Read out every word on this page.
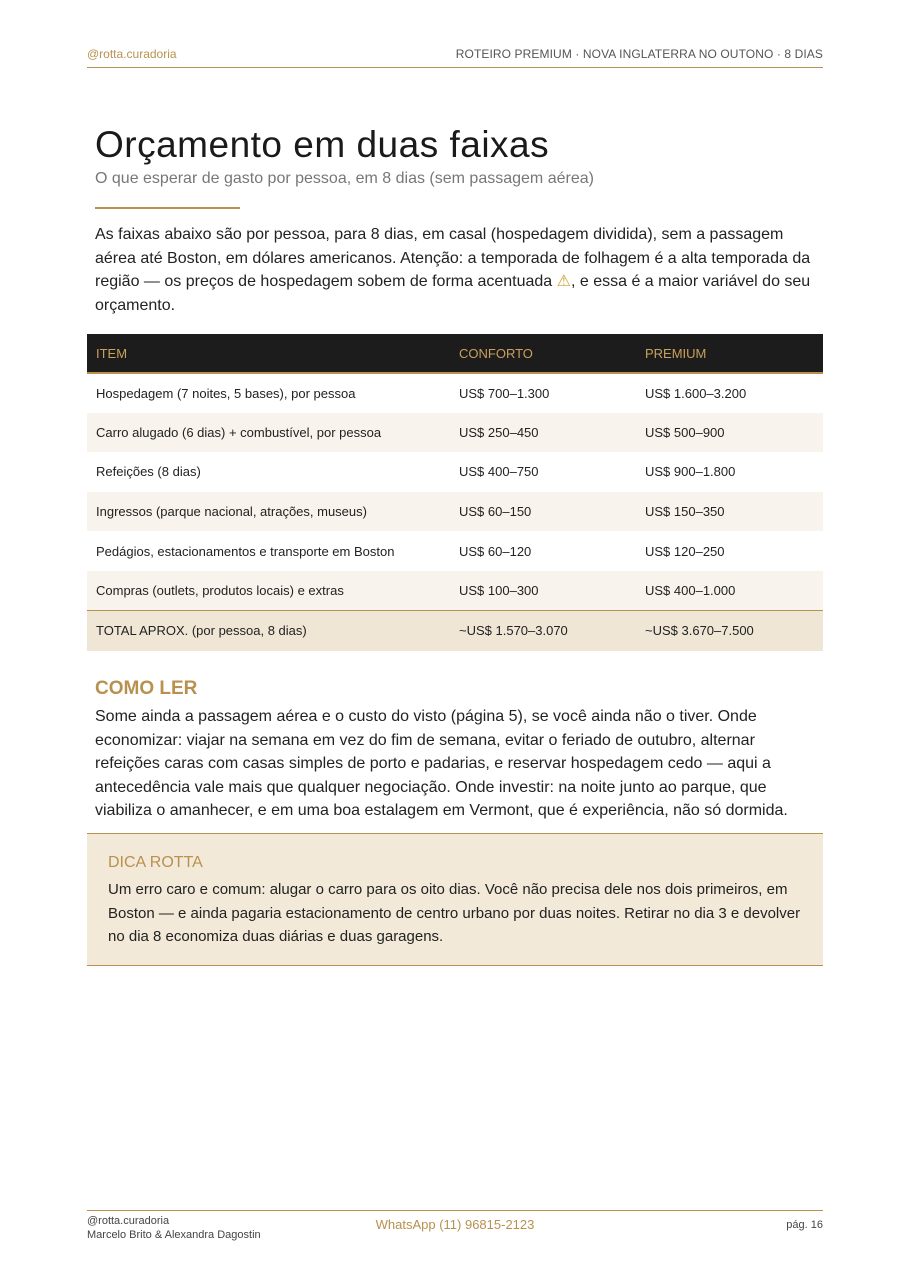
@rotta.curadoria	ROTEIRO PREMIUM · NOVA INGLATERRA NO OUTONO · 8 DIAS
Orçamento em duas faixas
O que esperar de gasto por pessoa, em 8 dias (sem passagem aérea)

As faixas abaixo são por pessoa, para 8 dias, em casal (hospedagem dividida), sem a passagem aérea até Boston, em dólares americanos. Atenção: a temporada de folhagem é a alta temporada da região — os preços de hospedagem sobem de forma acentuada ⚠, e essa é a maior variável do seu orçamento.

ITEM	CONFORTO	PREMIUM
Hospedagem (7 noites, 5 bases), por pessoa	US$ 700–1.300	US$ 1.600–3.200
Carro alugado (6 dias) + combustível, por pessoa	US$ 250–450	US$ 500–900
Refeições (8 dias)	US$ 400–750	US$ 900–1.800
Ingressos (parque nacional, atrações, museus)	US$ 60–150	US$ 150–350
Pedágios, estacionamentos e transporte em Boston	US$ 60–120	US$ 120–250
Compras (outlets, produtos locais) e extras	US$ 100–300	US$ 400–1.000
TOTAL APROX. (por pessoa, 8 dias)	~US$ 1.570–3.070	~US$ 3.670–7.500
COMO LER

Some ainda a passagem aérea e o custo do visto (página 5), se você ainda não o tiver. Onde economizar: viajar na semana em vez do fim de semana, evitar o feriado de outubro, alternar refeições caras com casas simples de porto e padarias, e reservar hospedagem cedo — aqui a antecedência vale mais que qualquer negociação. Onde investir: na noite junto ao parque, que viabiliza o amanhecer, e em uma boa estalagem em Vermont, que é experiência, não só dormida.

DICA ROTTA

Um erro caro e comum: alugar o carro para os oito dias. Você não precisa dele nos dois primeiros, em Boston — e ainda pagaria estacionamento de centro urbano por duas noites. Retirar no dia 3 e devolver no dia 8 economiza duas diárias e duas garagens.

@rotta.curadoria
Marcelo Brito & Alexandra Dagostin
WhatsApp (11) 96815-2123	pág. 16
